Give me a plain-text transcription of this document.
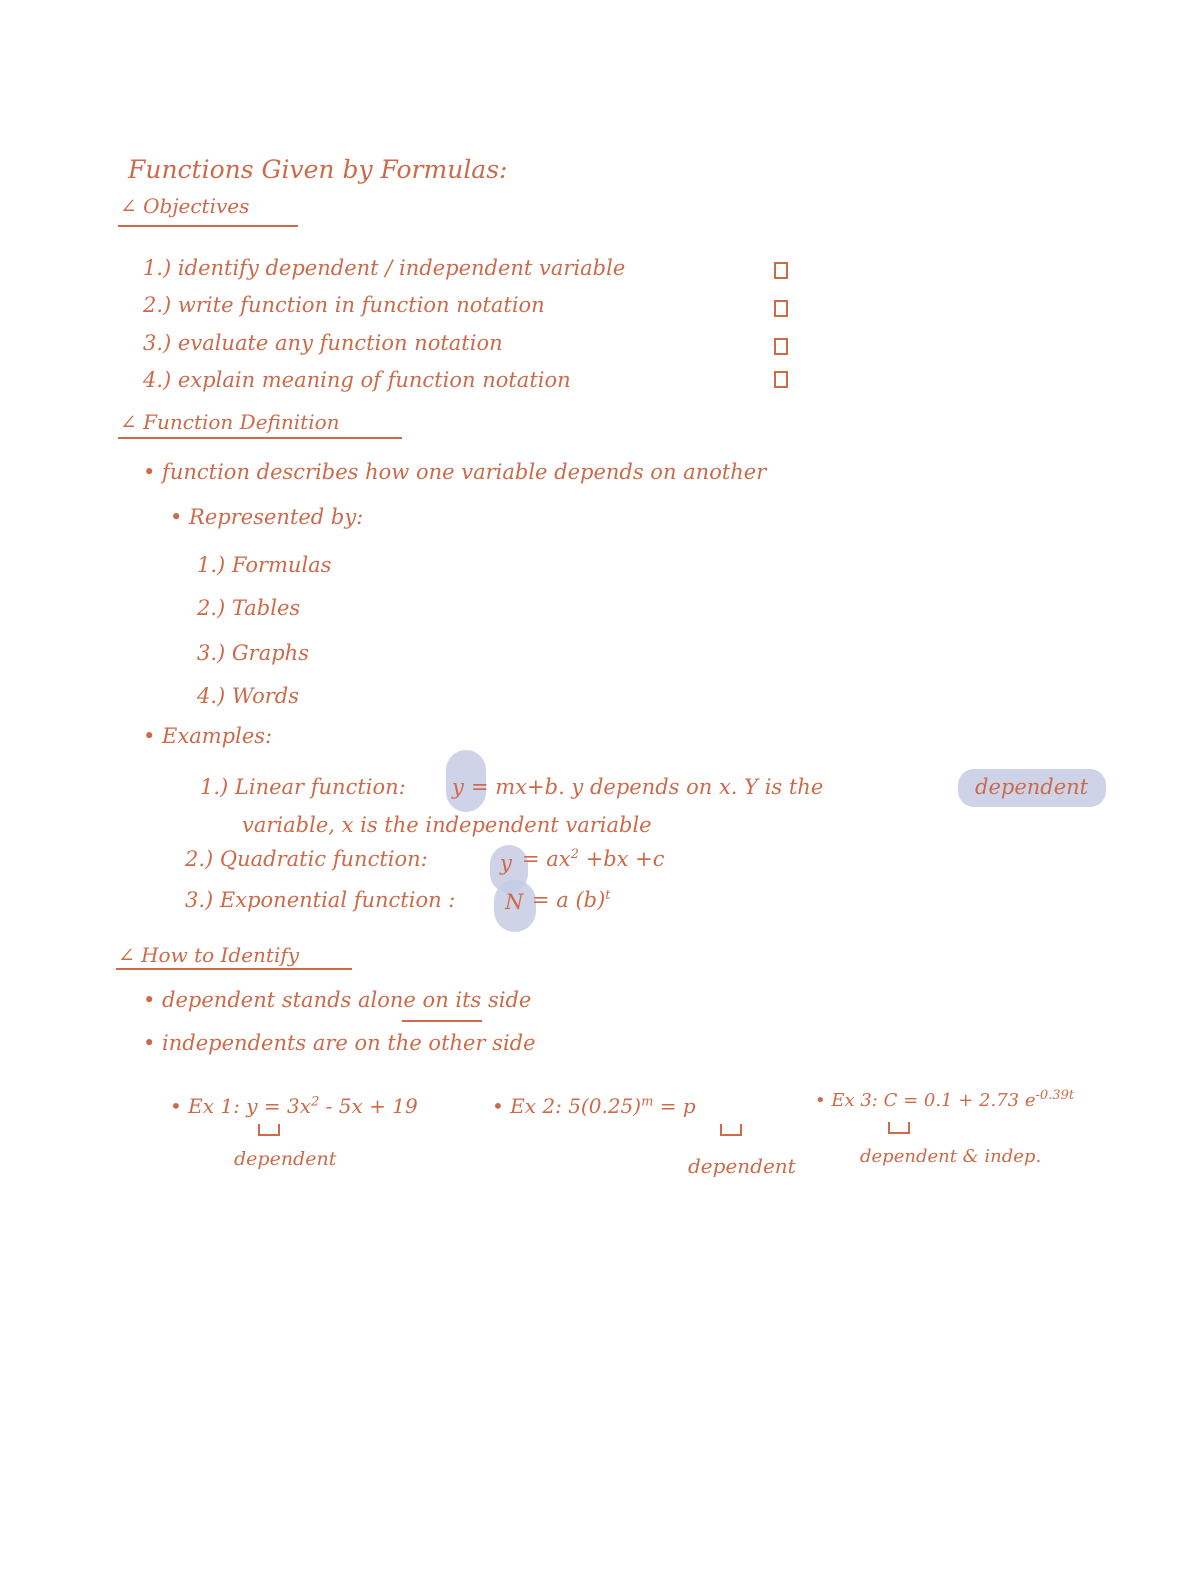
Functions Given by Formulas:
∠ Objectives
1.) identify dependent / independent variable
2.) write function in function notation
3.) evaluate any function notation
4.) explain meaning of function notation
∠ Function Definition
• function describes how one variable depends on another
• Represented by:
1.) Formulas
2.) Tables
3.) Graphs
4.) Words
• Examples:
1.) Linear function: y = mx+b. y depends on x. Y is the	dependent
variable, x is the independent variable
2.) Quadratic function:	$y = ax^2 +bx +c$
3.) Exponential function : N = a $(b)^t$
∠ How to Identify
• dependent stands alone on its side
• independents are on the other side
• Ex 1: $y = 3x^2 - 5x + 19$
dependent
• Ex 2: $5(0.25)^m = p$
dependent
• Ex 3: C = 0.1 + 2.73 $e^{-0.39t}$
dependent & indep.
